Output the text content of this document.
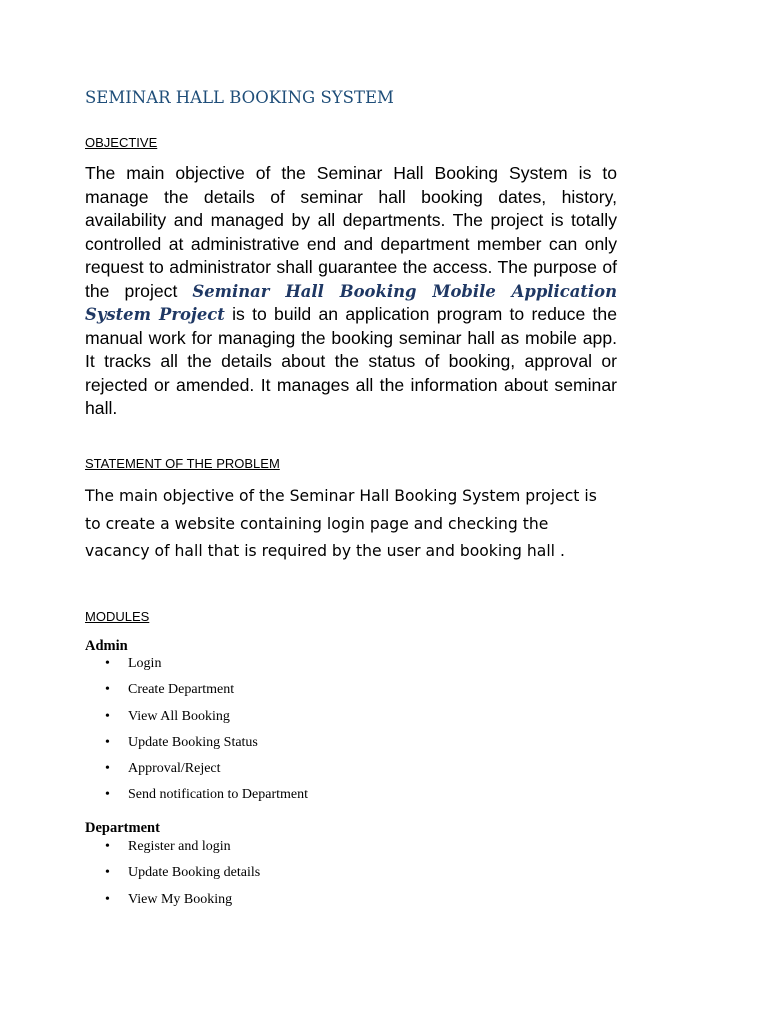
SEMINAR HALL BOOKING SYSTEM
OBJECTIVE

The main objective of the Seminar Hall Booking System is to manage the details of seminar hall booking dates, history, availability and managed by all departments. The project is totally controlled at administrative end and department member can only request to administrator shall guarantee the access. The purpose of the project Seminar Hall Booking Mobile Application System Project is to build an application program to reduce the manual work for managing the booking seminar hall as mobile app. It tracks all the details about the status of booking, approval or rejected or amended. It manages all the information about seminar hall.

STATEMENT OF THE PROBLEM

The main objective of the Seminar Hall Booking System project is
to create a website containing login page and checking the
vacancy of hall that is required by the user and booking hall .

MODULES
Admin
• Login
• Create Department
• View All Booking
• Update Booking Status
• Approval/Reject
• Send notification to Department
Department
• Register and login
• Update Booking details
• View My Booking
